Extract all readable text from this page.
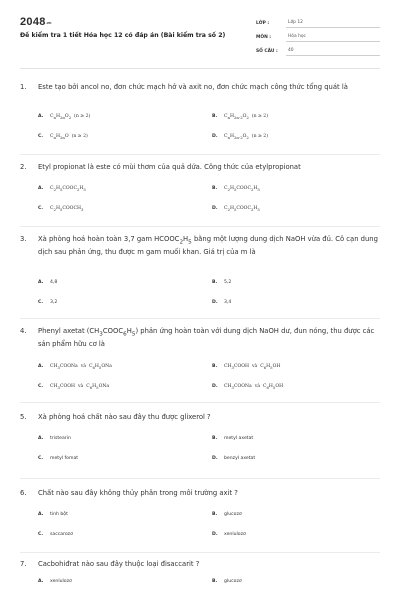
$2048_{.vn}$
Đề kiểm tra 1 tiết Hóa học 12 có đáp án (Bài kiểm tra số 2)
LỚP :	Lớp 12
MÔN :	Hóa học
SỐ CÂU :	40
1.	Este tạo bởi ancol no, đơn chức mạch hở và axit no, đơn chức mạch công thức tổng quát là
A. $C_nH_{2n}O_2$  (n ≥ 2)	B. $C_nH_{2n-2}O_2$  (n ≥ 2)
C. $C_nH_{2n}O$  (n ≥ 2)	D. $C_nH_{2n-2}O_2$  (n ≥ 2)
2.	Etyl propionat là este có mùi thơm của quả dứa. Công thức của etylpropionat
A. $C_2H_5COOC_2H_5$	B. $C_2H_5COOC_2H_5$
C. $C_2H_5COOCH_3$	D. $C_2H_5COOC_2H_5$
3.	Xà phòng hoá hoàn toàn 3,7 gam $HCOOC_2H_5$ bằng một lượng dung dịch NaOH vừa đủ. Cô cạn dung dịch sau phản ứng, thu được m gam muối khan. Giá trị của m là
A. 4,8	B. 5,2
C. 3,2	D. 3,4
4.	Phenyl axetat $(CH_3COOC_6H_5)$ phản ứng hoàn toàn với dung dịch NaOH dư, đun nóng, thu được các sản phẩm hữu cơ là
A. $CH_3COONa$  và  $C_6H_5ONa$	B. $CH_3COOH$  và  $C_6H_5OH$
C. $CH_3COOH$  và  $C_6H_5ONa$	D. $CH_3COONa$  và  $C_6H_5OH$
5.	Xà phòng hoá chất nào sau đây thu được glixerol ?
A. tristearin	B. metyl axetat
C. metyl fomat	D. benzyl axetat
6.	Chất nào sau đây không thủy phân trong môi trường axit ?
A. tinh bột	B. glucozơ
C. saccarozơ	D. xenlulozơ
7.	Cacbohiđrat nào sau đây thuộc loại đisaccarit ?
A. xenlulozơ	B. glucozơ
